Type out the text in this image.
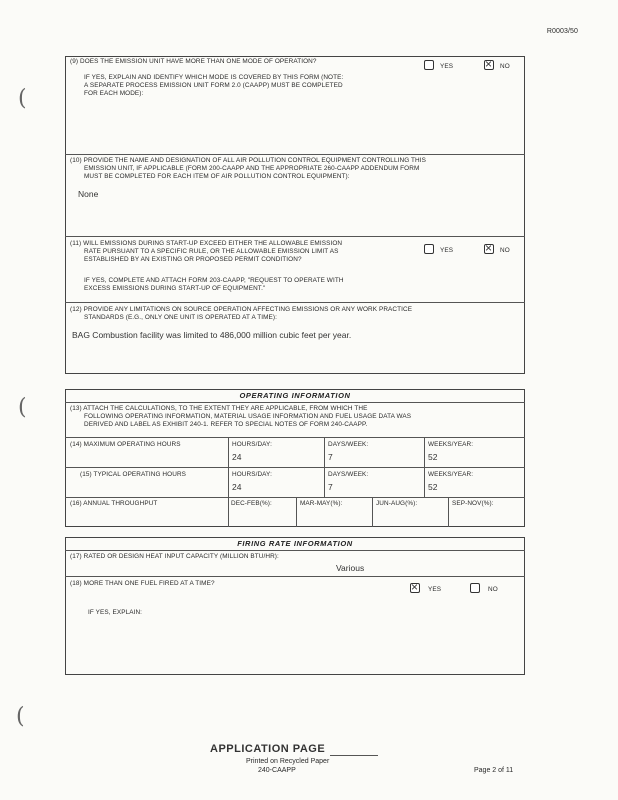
R0003/50
(
(
(
(9) DOES THE EMISSION UNIT HAVE MORE THAN ONE MODE OF OPERATION?
IF YES, EXPLAIN AND IDENTIFY WHICH MODE IS COVERED BY THIS FORM (NOTE:
A SEPARATE PROCESS EMISSION UNIT FORM 2.0 (CAAPP) MUST BE COMPLETED
FOR EACH MODE):
YES ×	NO
(10) PROVIDE THE NAME AND DESIGNATION OF ALL AIR POLLUTION CONTROL EQUIPMENT CONTROLLING THIS
EMISSION UNIT, IF APPLICABLE (FORM 200-CAAPP AND THE APPROPRIATE 260-CAAPP ADDENDUM FORM
MUST BE COMPLETED FOR EACH ITEM OF AIR POLLUTION CONTROL EQUIPMENT):
None
(11) WILL EMISSIONS DURING START-UP EXCEED EITHER THE ALLOWABLE EMISSION
RATE PURSUANT TO A SPECIFIC RULE, OR THE ALLOWABLE EMISSION LIMIT AS
ESTABLISHED BY AN EXISTING OR PROPOSED PERMIT CONDITION?
IF YES, COMPLETE AND ATTACH FORM 203-CAAPP, "REQUEST TO OPERATE WITH
EXCESS EMISSIONS DURING START-UP OF EQUIPMENT."
YES ×	NO
(12) PROVIDE ANY LIMITATIONS ON SOURCE OPERATION AFFECTING EMISSIONS OR ANY WORK PRACTICE
STANDARDS (E.G., ONLY ONE UNIT IS OPERATED AT A TIME):
BAG Combustion facility was limited to 486,000 million cubic feet per year.
OPERATING INFORMATION
(13) ATTACH THE CALCULATIONS, TO THE EXTENT THEY ARE APPLICABLE, FROM WHICH THE
FOLLOWING OPERATING INFORMATION, MATERIAL USAGE INFORMATION AND FUEL USAGE DATA WAS
DERIVED AND LABEL AS EXHIBIT 240-1. REFER TO SPECIAL NOTES OF FORM 240-CAAPP.
(14) MAXIMUM OPERATING HOURS	HOURS/DAY:
24
DAYS/WEEK:
7
WEEKS/YEAR:
52
(15) TYPICAL OPERATING HOURS	HOURS/DAY:
24
DAYS/WEEK:
7
WEEKS/YEAR:
52
(16) ANNUAL THROUGHPUT	DEC-FEB(%):	MAR-MAY(%):	JUN-AUG(%):	SEP-NOV(%):
FIRING RATE INFORMATION
(17) RATED OR DESIGN HEAT INPUT CAPACITY (MILLION BTU/HR):
Various
(18) MORE THAN ONE FUEL FIRED AT A TIME?
×
YES	NO
IF YES, EXPLAIN:
APPLICATION PAGE
Printed on Recycled Paper
240-CAAPP	Page 2 of 11
